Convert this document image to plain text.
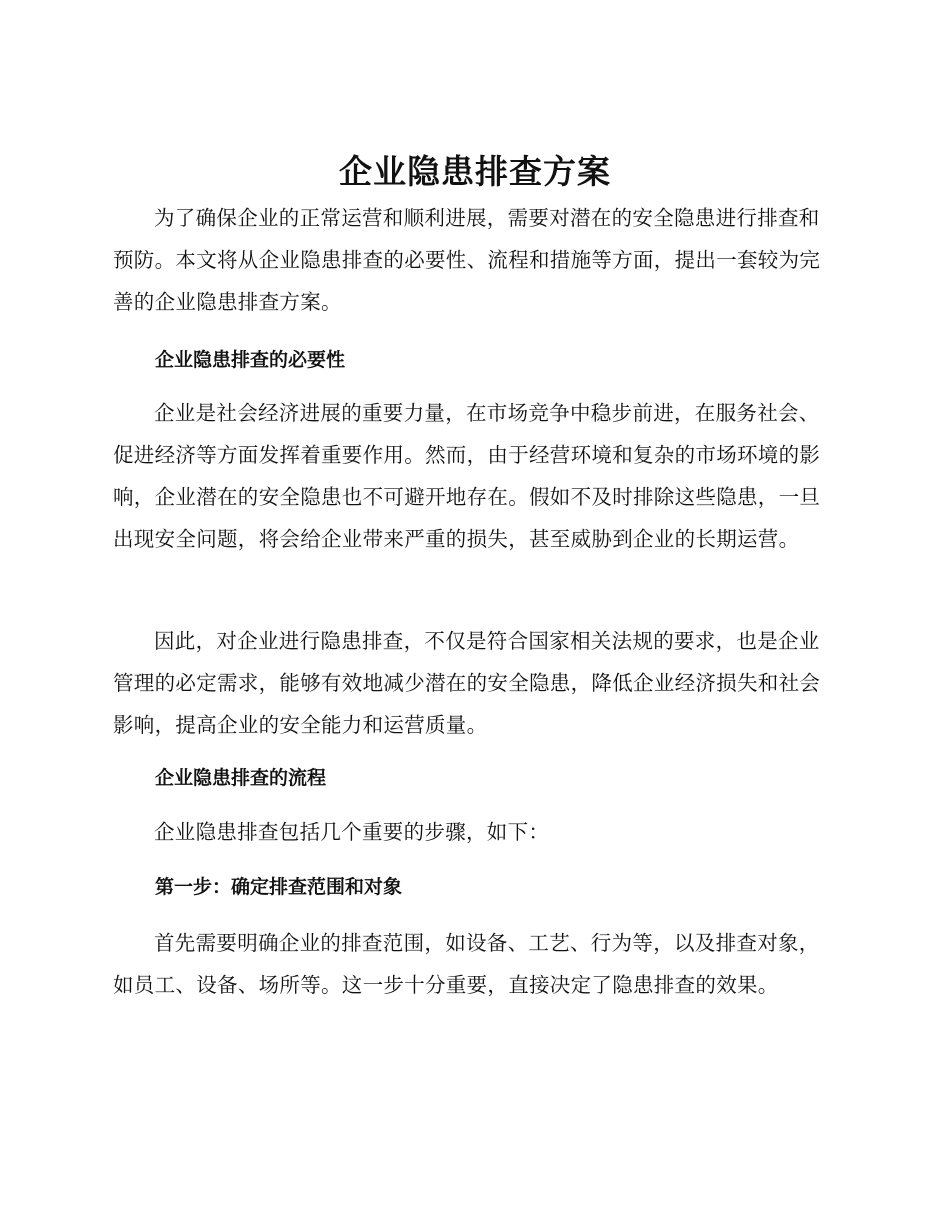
企业隐患排查方案

为了确保企业的正常运营和顺利进展，需要对潜在的安全隐患进行排查和预防。本文将从企业隐患排查的必要性、流程和措施等方面，提出一套较为完善的企业隐患排查方案。

企业隐患排查的必要性

企业是社会经济进展的重要力量，在市场竞争中稳步前进，在服务社会、促进经济等方面发挥着重要作用。然而，由于经营环境和复杂的市场环境的影响，企业潜在的安全隐患也不可避开地存在。假如不及时排除这些隐患，一旦出现安全问题，将会给企业带来严重的损失，甚至威胁到企业的长期运营。

因此，对企业进行隐患排查，不仅是符合国家相关法规的要求，也是企业管理的必定需求，能够有效地减少潜在的安全隐患，降低企业经济损失和社会影响，提高企业的安全能力和运营质量。

企业隐患排查的流程

企业隐患排查包括几个重要的步骤，如下：

第一步：确定排查范围和对象

首先需要明确企业的排查范围，如设备、工艺、行为等，以及排查对象，如员工、设备、场所等。这一步十分重要，直接决定了隐患排查的效果。
